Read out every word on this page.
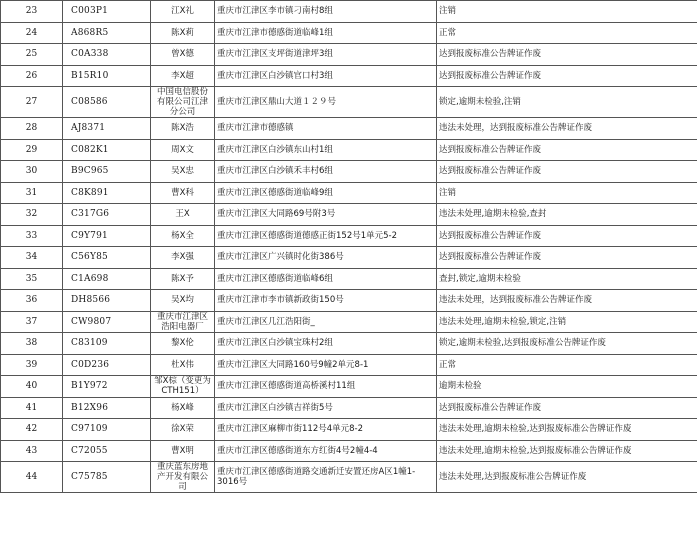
23	C003P1	江X礼	重庆市江津区李市镇刁南村8组	注销
24	A868R5	陈X莉	重庆市江津市德感街道临峰1组	正常
25	C0A338	曾X德	重庆市江津区支坪街道津坪3组	达到报废标准公告牌证作废
26	B15R10	李X超	重庆市江津区白沙镇官口村3组	达到报废标准公告牌证作废
27	C08586	中国电信股份有限公司江津分公司	重庆市江津区鼎山大道１２９号	锁定,逾期未检验,注销
28	AJ8371	陈X浩	重庆市江津市德感镇	违法未处理，达到报废标准公告牌证作废
29	C082K1	周X文	重庆市江津区白沙镇东山村1组	达到报废标准公告牌证作废
30	B9C965	吴X忠	重庆市江津区白沙镇禾丰村6组	达到报废标准公告牌证作废
31	C8K891	曹X科	重庆市江津区德感街道临峰9组	注销
32	C317G6	王X	重庆市江津区大同路69号附3号	违法未处理,逾期未检验,查封
33	C9Y791	杨X全	重庆市江津区德感街道德感正街152号1单元5-2	达到报废标准公告牌证作废
34	C56Y85	李X强	重庆市江津区广兴镇时化街386号	达到报废标准公告牌证作废
35	C1A698	陈X予	重庆市江津区德感街道临峰6组	查封,锁定,逾期未检验
36	DH8566	吴X均	重庆市江津市李市镇新政街150号	违法未处理，达到报废标准公告牌证作废
37	CW9807	重庆市江津区浩阳电器厂	重庆市江津区几江浩阳街_	违法未处理,逾期未检验,锁定,注销
38	C83109	黎X伦	重庆市江津区白沙镇宝珠村2组	锁定,逾期未检验,达到报废标准公告牌证作废
39	C0D236	杜X伟	重庆市江津区大同路160号9幢2单元8-1	正常
40	B1Y972	邹X棕（变更为CTH151）	重庆市江津区德感街道高桥溪村11组	逾期未检验
41	B12X96	杨X峰	重庆市江津区白沙镇吉祥街5号	达到报废标准公告牌证作废
42	C97109	徐X荣	重庆市江津区麻柳市街112号4单元8-2	违法未处理,逾期未检验,达到报废标准公告牌证作废
43	C72055	曹X明	重庆市江津区德感街道东方红街4号2幢4-4	违法未处理,逾期未检验,达到报废标准公告牌证作废
44	C75785	重庆蓝东房地产开发有限公司	重庆市江津区德感街道路交通新迁安置还房A区1幢1-3016号	违法未处理,达到报废标准公告牌证作废
